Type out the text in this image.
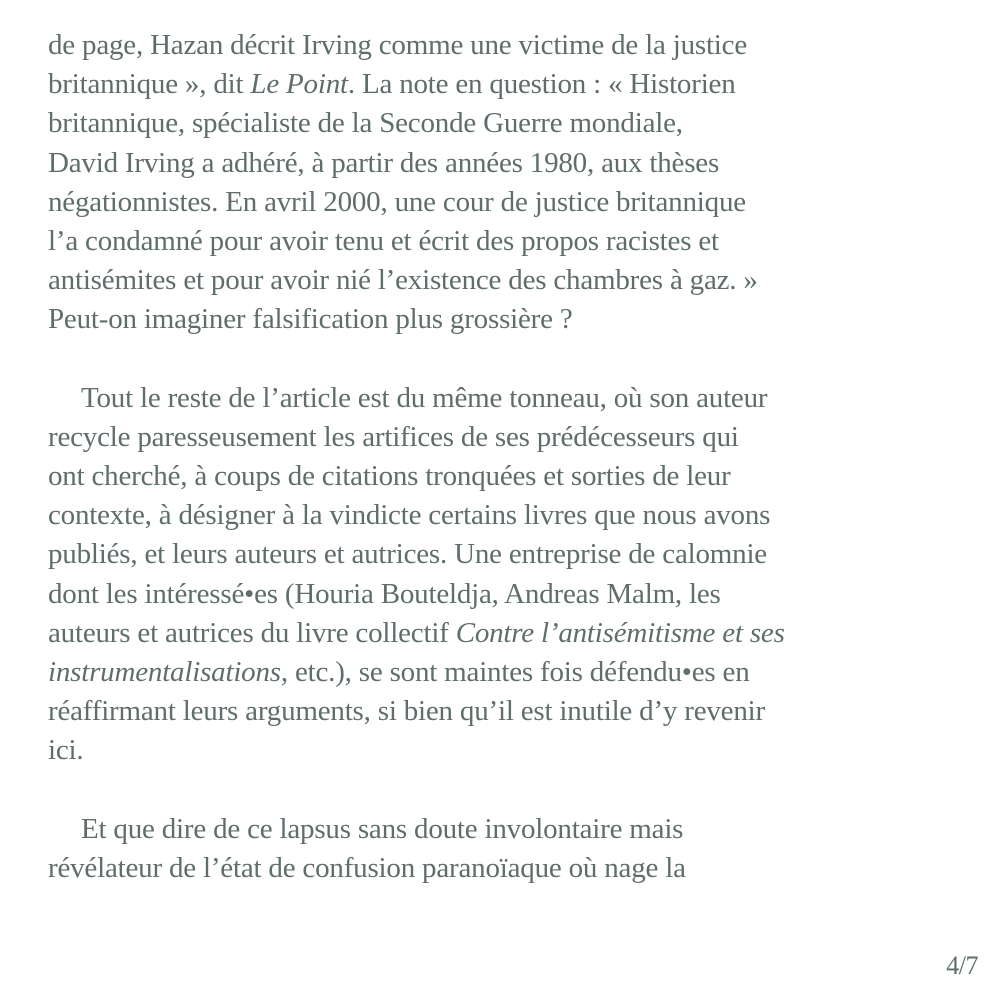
de page, Hazan décrit Irving comme une victime de la justice
britannique », dit Le Point. La note en question : « Historien
britannique, spécialiste de la Seconde Guerre mondiale,
David Irving a adhéré, à partir des années 1980, aux thèses
négationnistes. En avril 2000, une cour de justice britannique
l’a condamné pour avoir tenu et écrit des propos racistes et
antisémites et pour avoir nié l’existence des chambres à gaz. »
Peut-on imaginer falsification plus grossière ?
Tout le reste de l’article est du même tonneau, où son auteur
recycle paresseusement les artifices de ses prédécesseurs qui
ont cherché, à coups de citations tronquées et sorties de leur
contexte, à désigner à la vindicte certains livres que nous avons
publiés, et leurs auteurs et autrices. Une entreprise de calomnie
dont les intéressé•es (Houria Bouteldja, Andreas Malm, les
auteurs et autrices du livre collectif Contre l’antisémitisme et ses
instrumentalisations, etc.), se sont maintes fois défendu•es en
réaffirmant leurs arguments, si bien qu’il est inutile d’y revenir
ici.
Et que dire de ce lapsus sans doute involontaire mais
révélateur de l’état de confusion paranoïaque où nage la
4/7
